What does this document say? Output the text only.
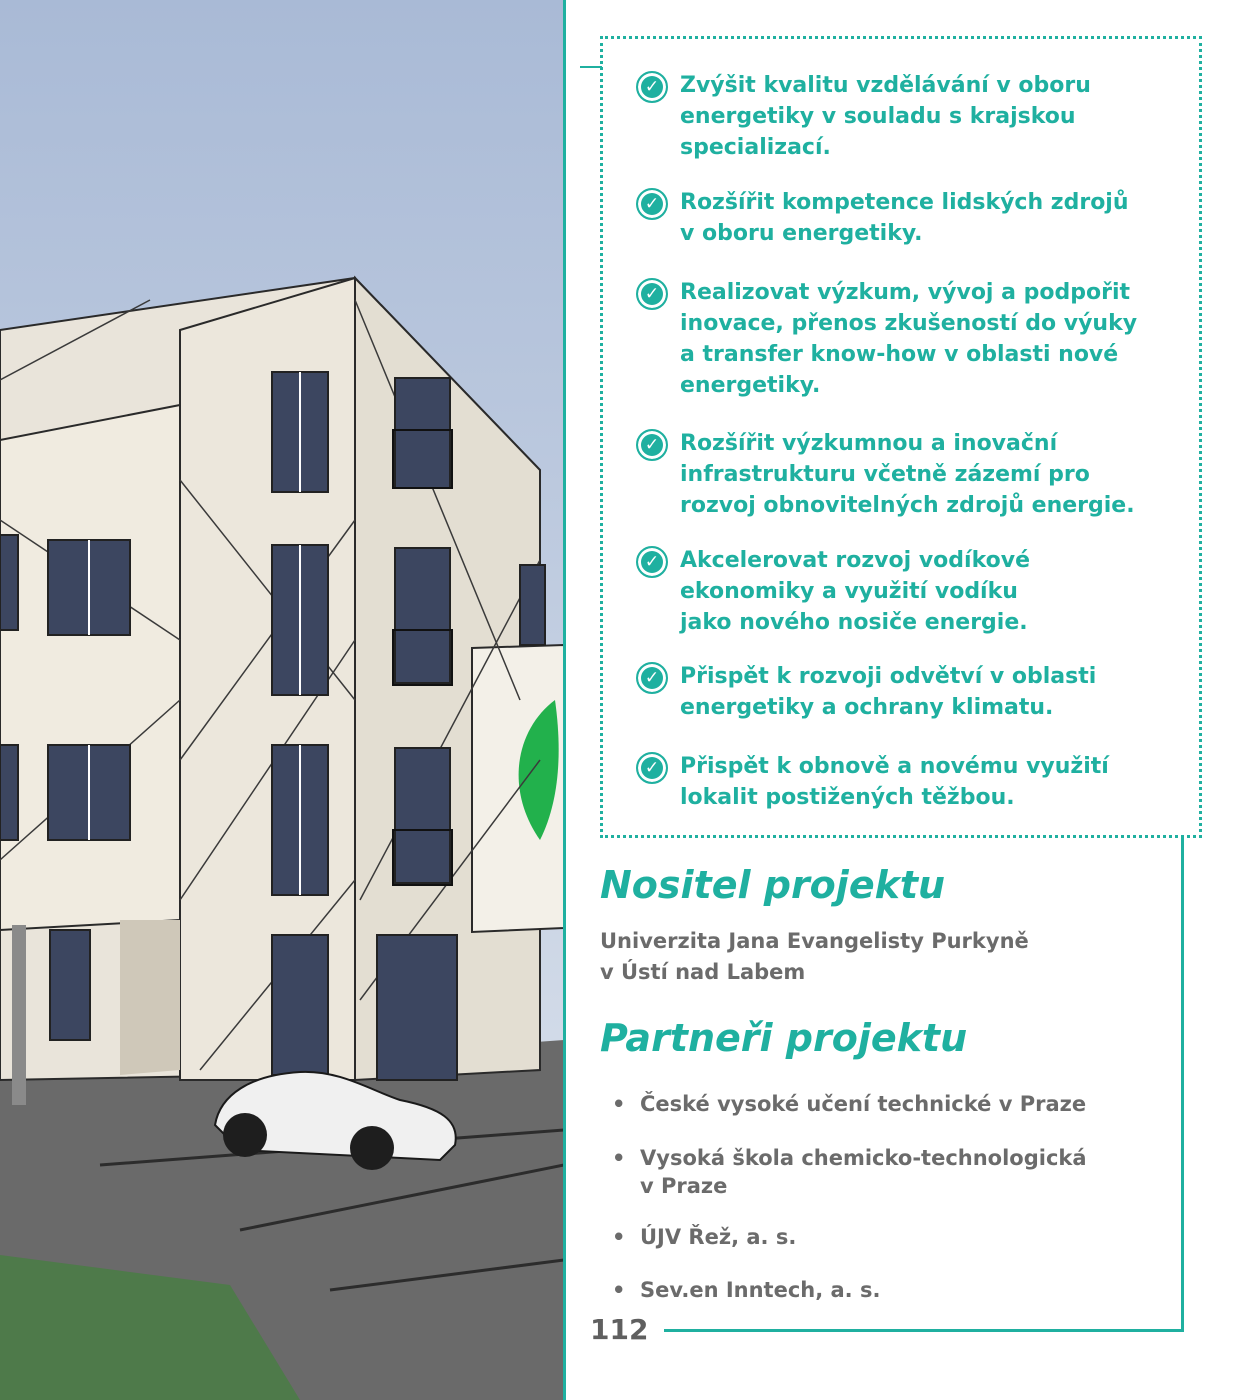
✓ Zvýšit kvalitu vzdělávání v oboru
energetiky v souladu s krajskou
specializací.
✓ Rozšířit kompetence lidských zdrojů
v oboru energetiky.
✓ Realizovat výzkum, vývoj a podpořit
inovace, přenos zkušeností do výuky
a transfer know-how v oblasti nové
energetiky.
✓ Rozšířit výzkumnou a inovační
infrastrukturu včetně zázemí pro
rozvoj obnovitelných zdrojů energie.
✓ Akcelerovat rozvoj vodíkové
ekonomiky a využití vodíku
jako nového nosiče energie.
✓ Přispět k rozvoji odvětví v oblasti
energetiky a ochrany klimatu.
✓ Přispět k obnově a novému využití
lokalit postižených těžbou.
Nositel projektu
Univerzita Jana Evangelisty Purkyně
v Ústí nad Labem
Partneři projektu
• České vysoké učení technické v Praze
• Vysoká škola chemicko-technologická
v Praze
• ÚJV Řež, a. s.
• Sev.en Inntech, a. s.
112
